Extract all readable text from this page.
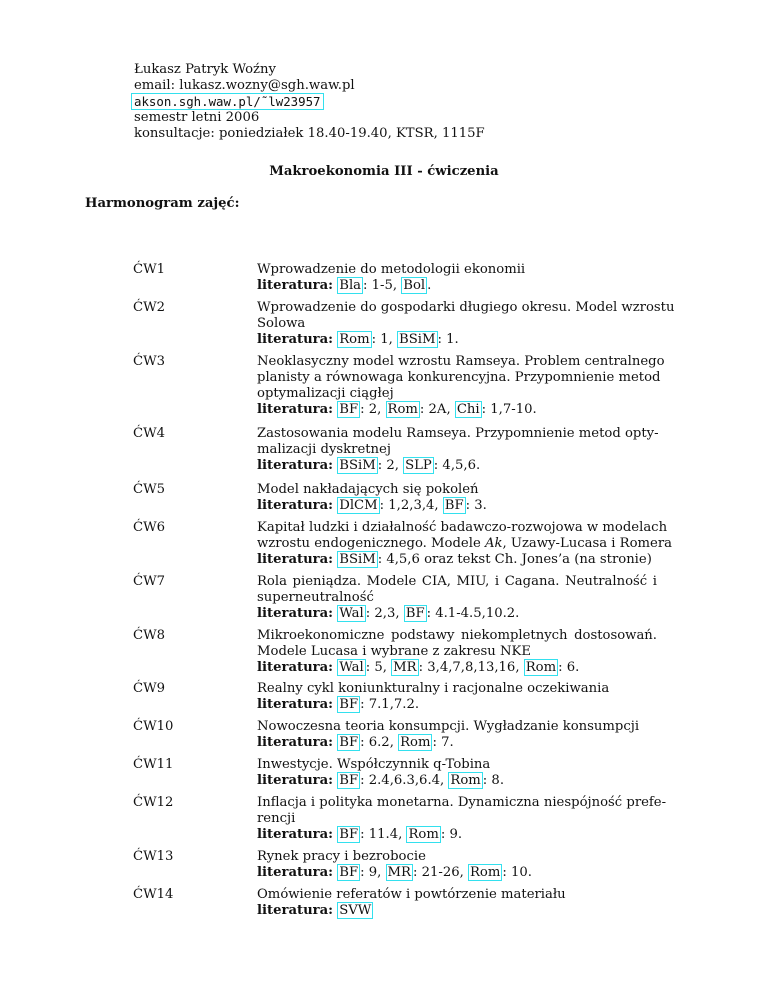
Łukasz Patryk Woźny
email: lukasz.wozny@sgh.waw.pl
akson.sgh.waw.pl/˜lw23957
semestr letni 2006
konsultacje: poniedziałek 18.40-19.40, KTSR, 1115F
Makroekonomia III - ćwiczenia
Harmonogram zajęć:
ĆW1	Wprowadzenie do metodologii ekonomii
literatura: Bla : 1-5, Bol .
ĆW2	Wprowadzenie do gospodarki długiego okresu. Model wzrostu
Solowa
literatura: Rom : 1, BSiM : 1.
ĆW3	Neoklasyczny model wzrostu Ramseya. Problem centralnego
planisty a równowaga konkurencyjna. Przypomnienie metod
optymalizacji ciągłej
literatura: BF : 2, Rom : 2A, Chi : 1,7-10.
ĆW4	Zastosowania modelu Ramseya. Przypomnienie metod opty-
malizacji dyskretnej
literatura: BSiM : 2, SLP : 4,5,6.
ĆW5	Model nakładających się pokoleń
literatura: DlCM : 1,2,3,4, BF : 3.
ĆW6	Kapitał ludzki i działalność badawczo-rozwojowa w modelach
wzrostu endogenicznego. Modele Ak, Uzawy-Lucasa i Romera
literatura: BSiM : 4,5,6 oraz tekst Ch. Jones’a (na stronie)
ĆW7	Rola pieniądza. Modele CIA, MIU, i Cagana. Neutralność i
superneutralność
literatura: Wal : 2,3, BF : 4.1-4.5,10.2.
ĆW8	Mikroekonomiczne podstawy niekompletnych dostosowań.
Modele Lucasa i wybrane z zakresu NKE
literatura: Wal : 5, MR : 3,4,7,8,13,16, Rom : 6.
ĆW9	Realny cykl koniunkturalny i racjonalne oczekiwania
literatura: BF : 7.1,7.2.
ĆW10	Nowoczesna teoria konsumpcji. Wygładzanie konsumpcji
literatura: BF : 6.2, Rom : 7.
ĆW11	Inwestycje. Współczynnik q-Tobina
literatura: BF : 2.4,6.3,6.4, Rom : 8.
ĆW12	Inflacja i polityka monetarna. Dynamiczna niespójność prefe-
rencji
literatura: BF : 11.4, Rom : 9.
ĆW13	Rynek pracy i bezrobocie
literatura: BF : 9, MR : 21-26, Rom : 10.
ĆW14	Omówienie referatów i powtórzenie materiału
literatura: SVW
